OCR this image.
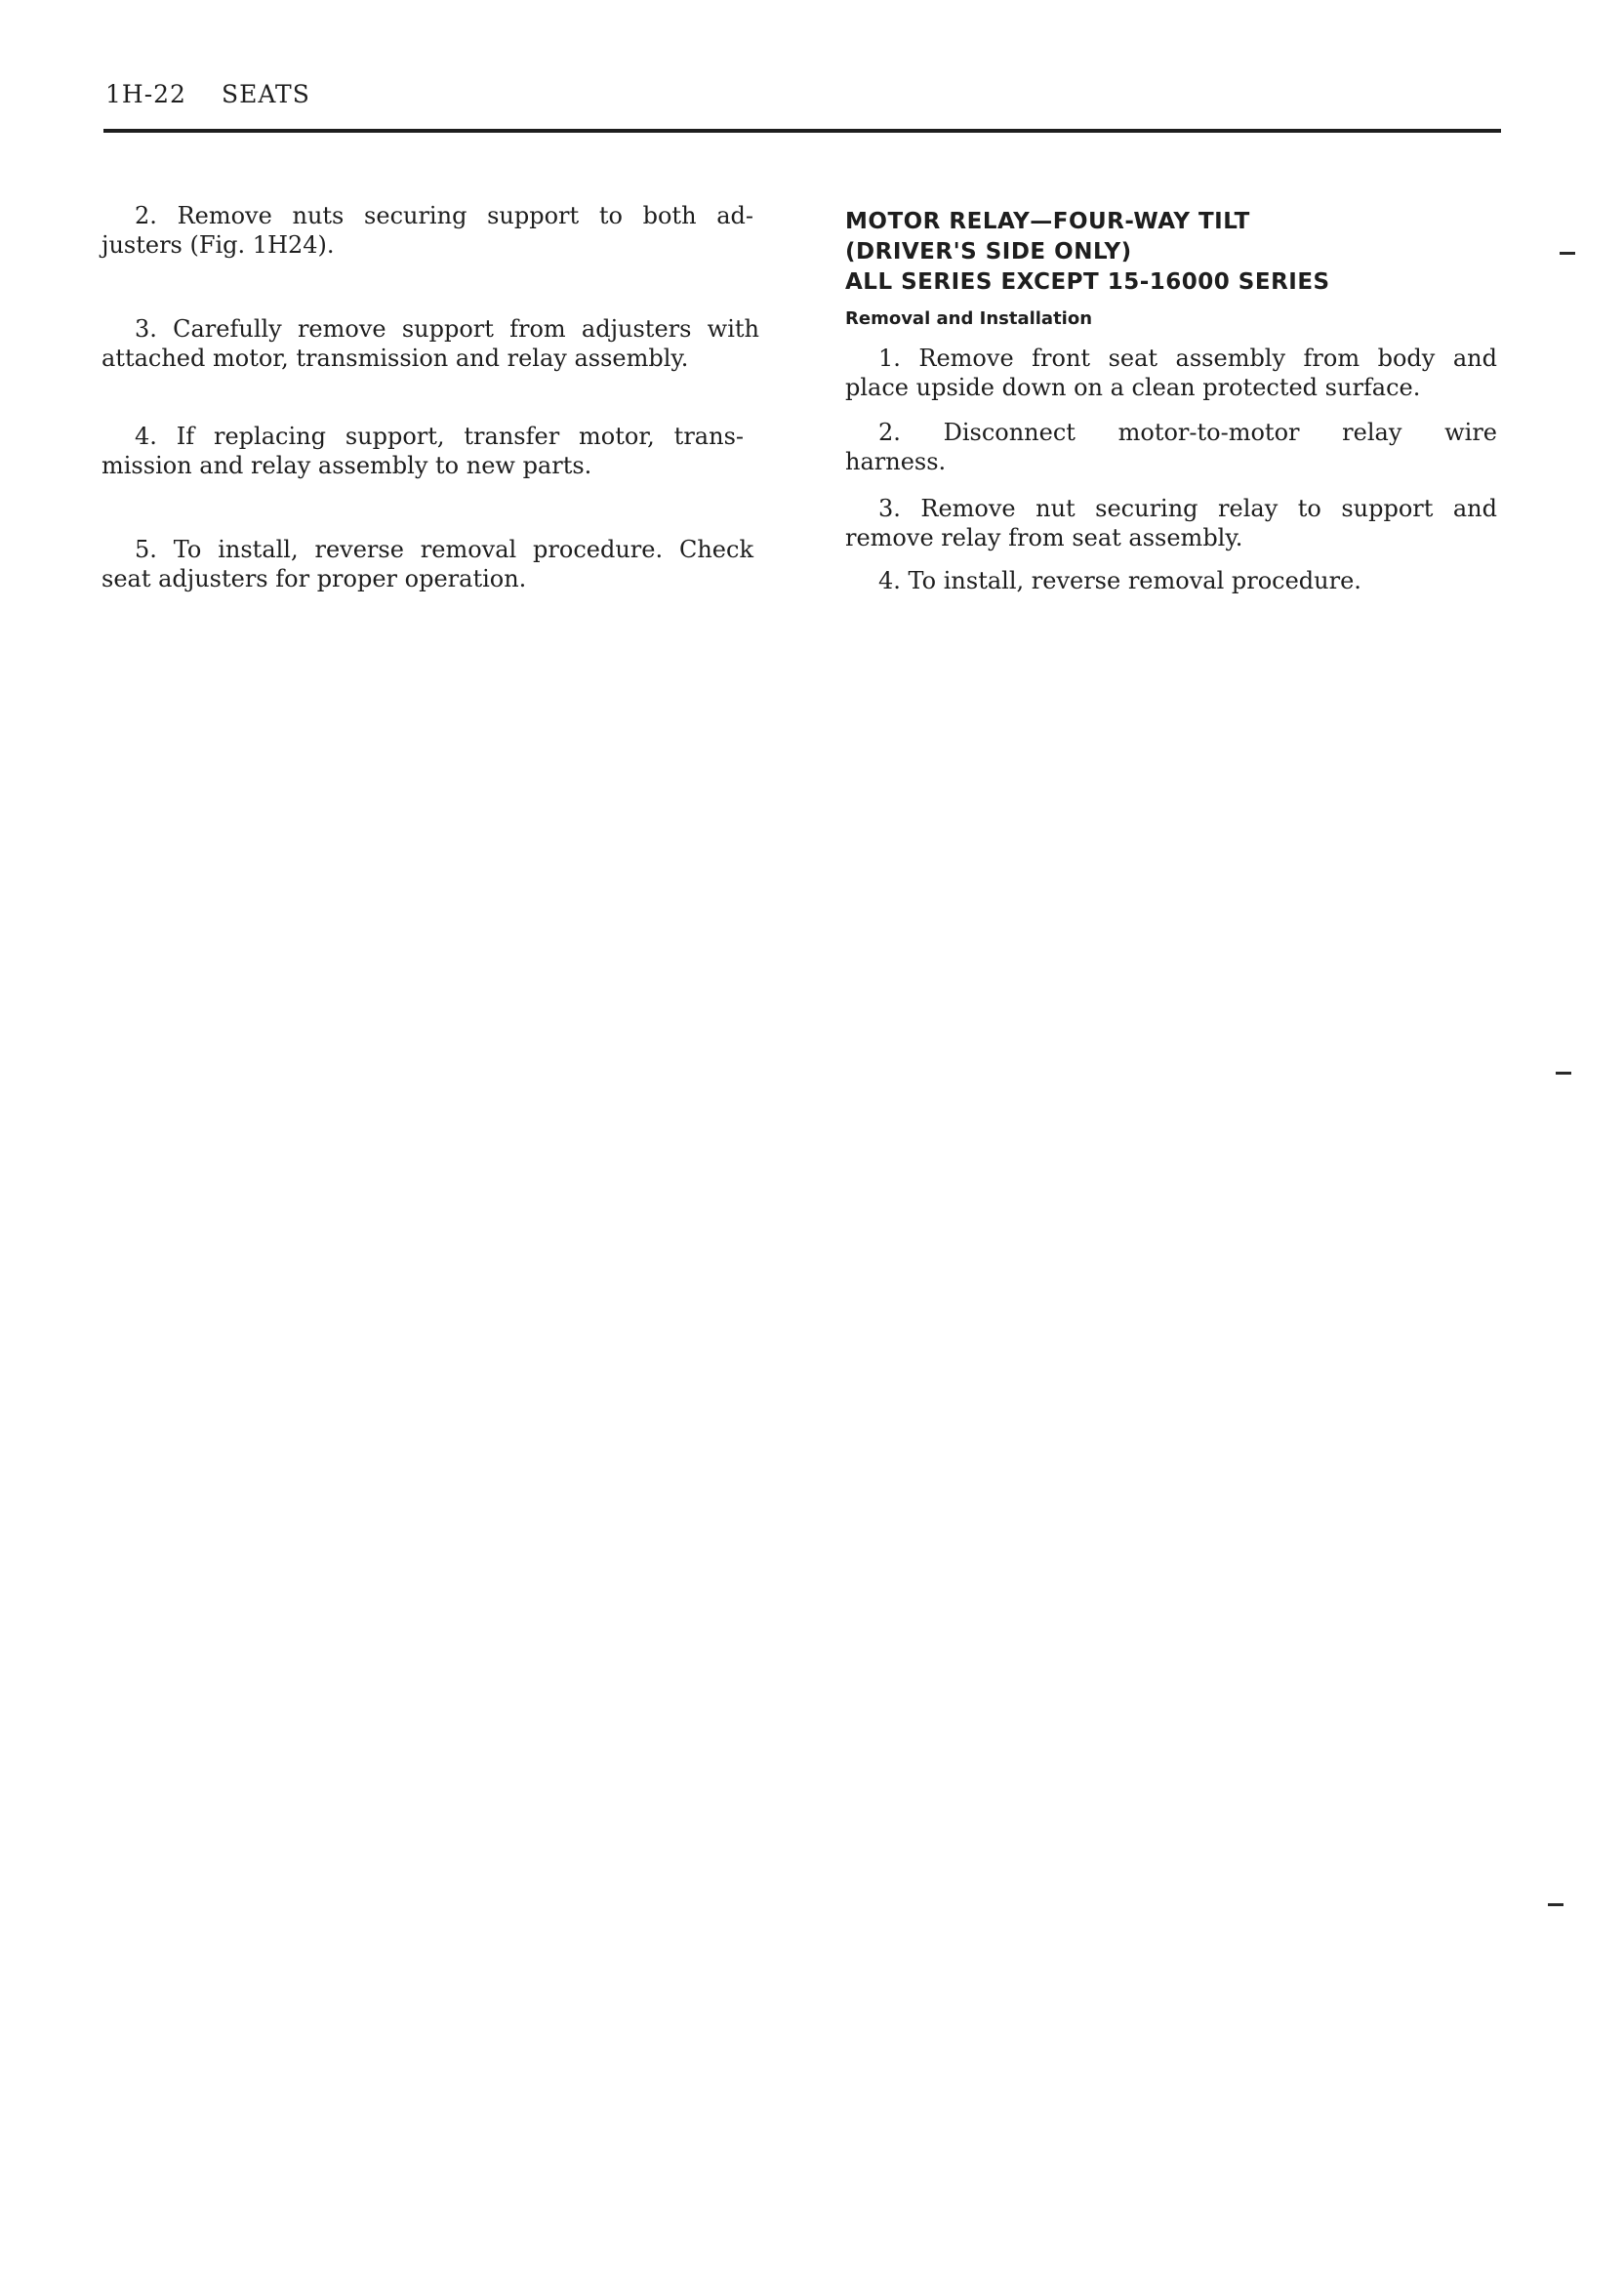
1H-22 SEATS

2. Remove nuts securing support to both ad-
justers (Fig. 1H24).

3. Carefully remove support from adjusters with
attached motor, transmission and relay assembly.

4. If replacing support, transfer motor, trans-
mission and relay assembly to new parts.

5. To install, reverse removal procedure. Check
seat adjusters for proper operation.

MOTOR RELAY—FOUR-WAY TILT
(DRIVER'S SIDE ONLY)
ALL SERIES EXCEPT 15-16000 SERIES
Removal and Installation

1. Remove front seat assembly from body and
place upside down on a clean protected surface.

2. Disconnect motor-to-motor relay wire
harness.

3. Remove nut securing relay to support and
remove relay from seat assembly.

4. To install, reverse removal procedure.
